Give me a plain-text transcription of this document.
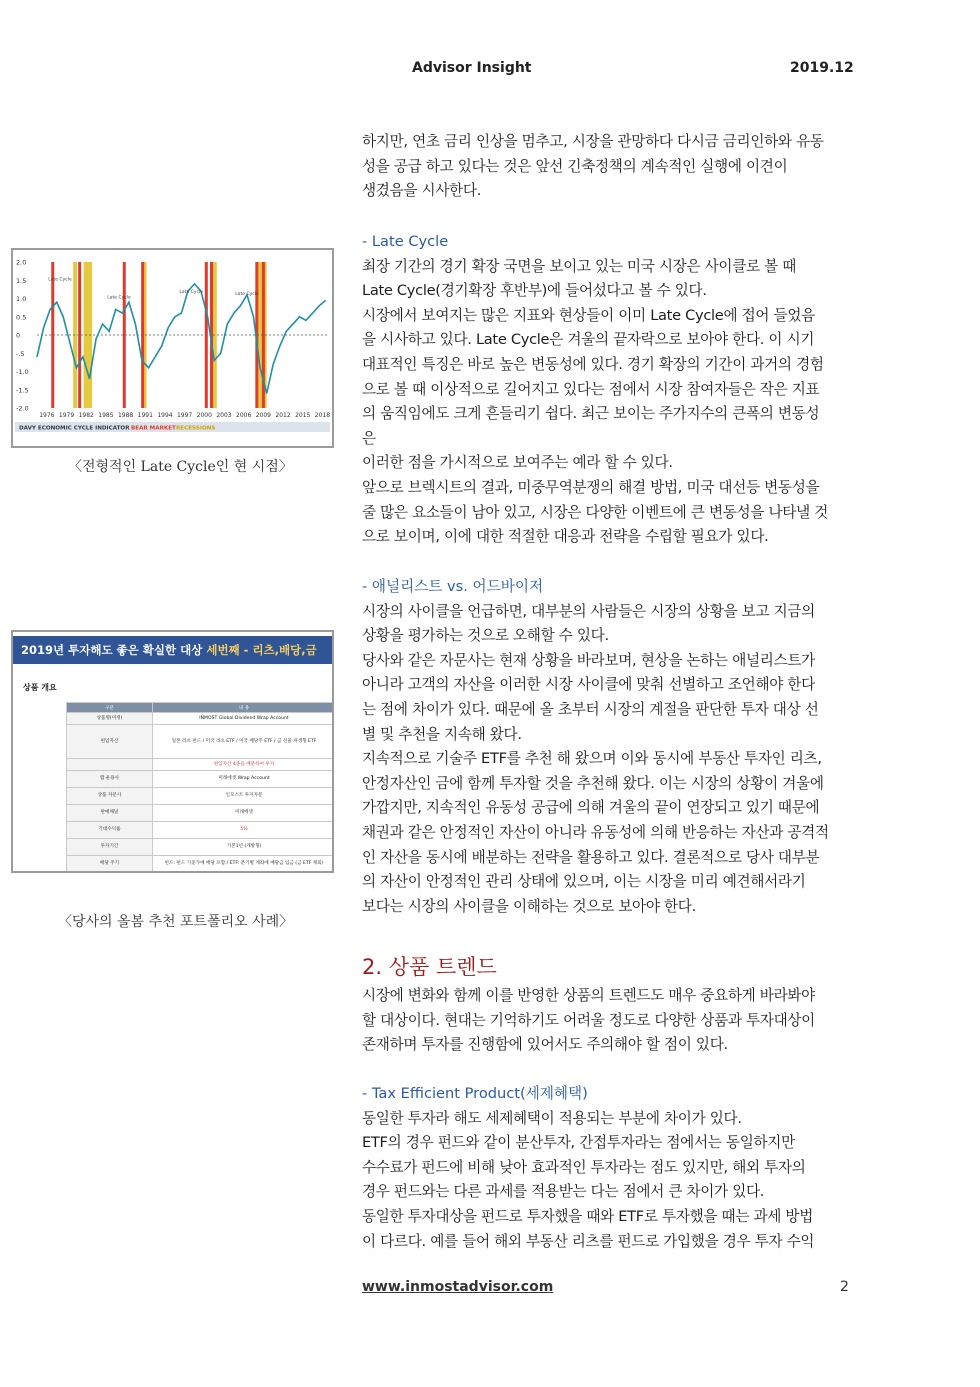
Advisor Insight	2019.12
하지만, 연초 금리 인상을 멈추고, 시장을 관망하다 다시금 금리인하와 유동
성을 공급 하고 있다는 것은 앞선 긴축정책의 계속적인 실행에 이견이
생겼음을 시사한다.
- Late Cycle
최장 기간의 경기 확장 국면을 보이고 있는 미국 시장은 사이클로 볼 때
Late Cycle(경기확장 후반부)에 들어섰다고 볼 수 있다.
시장에서 보여지는 많은 지표와 현상들이 이미 Late Cycle에 접어 들었음
을 시사하고 있다. Late Cycle은 겨울의 끝자락으로 보아야 한다. 이 시기
대표적인 특징은 바로 높은 변동성에 있다. 경기 확장의 기간이 과거의 경험
으로 볼 때 이상적으로 길어지고 있다는 점에서 시장 참여자들은 작은 지표
의 움직임에도 크게 흔들리기 쉽다. 최근 보이는 주가지수의 큰폭의 변동성
은
이러한 점을 가시적으로 보여주는 예라 할 수 있다.
앞으로 브렉시트의 결과, 미중무역분쟁의 해결 방법, 미국 대선등 변동성을
줄 많은 요소들이 남아 있고, 시장은 다양한 이벤트에 큰 변동성을 나타낼 것
으로 보이며, 이에 대한 적절한 대응과 전략을 수립할 필요가 있다.
- 애널리스트 vs. 어드바이저
시장의 사이클을 언급하면, 대부분의 사람들은 시장의 상황을 보고 지금의
상황을 평가하는 것으로 오해할 수 있다.
당사와 같은 자문사는 현재 상황을 바라보며, 현상을 논하는 애널리스트가
아니라 고객의 자산을 이러한 시장 사이클에 맞춰 선별하고 조언해야 한다
는 점에 차이가 있다. 때문에 올 초부터 시장의 계절을 판단한 투자 대상 선
별 및 추천을 지속해 왔다.
지속적으로 기술주 ETF를 추천 해 왔으며 이와 동시에 부동산 투자인 리츠,
안정자산인 금에 함께 투자할 것을 추천해 왔다. 이는 시장의 상황이 겨울에
가깝지만, 지속적인 유동성 공급에 의해 겨울의 끝이 연장되고 있기 때문에
채권과 같은 안정적인 자산이 아니라 유동성에 의해 반응하는 자산과 공격적
인 자산을 동시에 배분하는 전략을 활용하고 있다. 결론적으로 당사 대부분
의 자산이 안정적인 관리 상태에 있으며, 이는 시장을 미리 예견해서라기
보다는 시장의 사이클을 이해하는 것으로 보아야 한다.
2. 상품 트렌드
시장에 변화와 함께 이를 반영한 상품의 트렌드도 매우 중요하게 바라봐야
할 대상이다. 현대는 기억하기도 어려울 정도로 다양한 상품과 투자대상이
존재하며 투자를 진행함에 있어서도 주의해야 할 점이 있다.
- Tax Efficient Product(세제혜택)
동일한 투자라 해도 세제혜택이 적용되는 부분에 차이가 있다.
ETF의 경우 펀드와 같이 분산투자, 간접투자라는 점에서는 동일하지만
수수료가 펀드에 비해 낮아 효과적인 투자라는 점도 있지만, 해외 투자의
경우 펀드와는 다른 과세를 적용받는 다는 점에서 큰 차이가 있다.
동일한 투자대상을 펀드로 투자했을 때와 ETF로 투자했을 때는 과세 방법
이 다르다. 예를 들어 해외 부동산 리츠를 펀드로 가입했을 경우 투자 수익
2.0
1.5
1.0
0.5
0
-.5
-1.0
-1.5
-2.0
1976 1979 1982 1985 1988 1991 1994 1997 2000 2003 2006 2009 2012 2015 2018
Late Cycle
Late Cycle
Late Cycle	Late Cycle
DAVY ECONOMIC CYCLE INDICATOR BEAR MARKET RECESSIONS
〈전형적인 Late Cycle인 현 시점〉
2019년 투자해도 좋은 확실한 대상 세번째 - 리츠,배당,금
상품 개요
구분	내 용
상품명(미정)	INMOST Global Dividend Wrap Account
편입자산	일본 리츠 펀드 / 미국 리츠 ETF / 미국 배당주 ETF / 금 선물·파생형 ETF
	편입자산 4종을 배분하여 투자
랩 운용사	미래에셋 Wrap Account
상품 자문사	인모스트 투자자문
판매채널	미래에셋
기대수익률	5%
투자기간	기본1년 (개방형)
배당 주기	펀드: 펀드 기준가에 배당 포함 / ETF: 분기별 계좌에 배당금 입금 (금 ETF 제외)
〈당사의 올봄 추천 포트폴리오 사례〉
www.inmostadvisor.com	2
